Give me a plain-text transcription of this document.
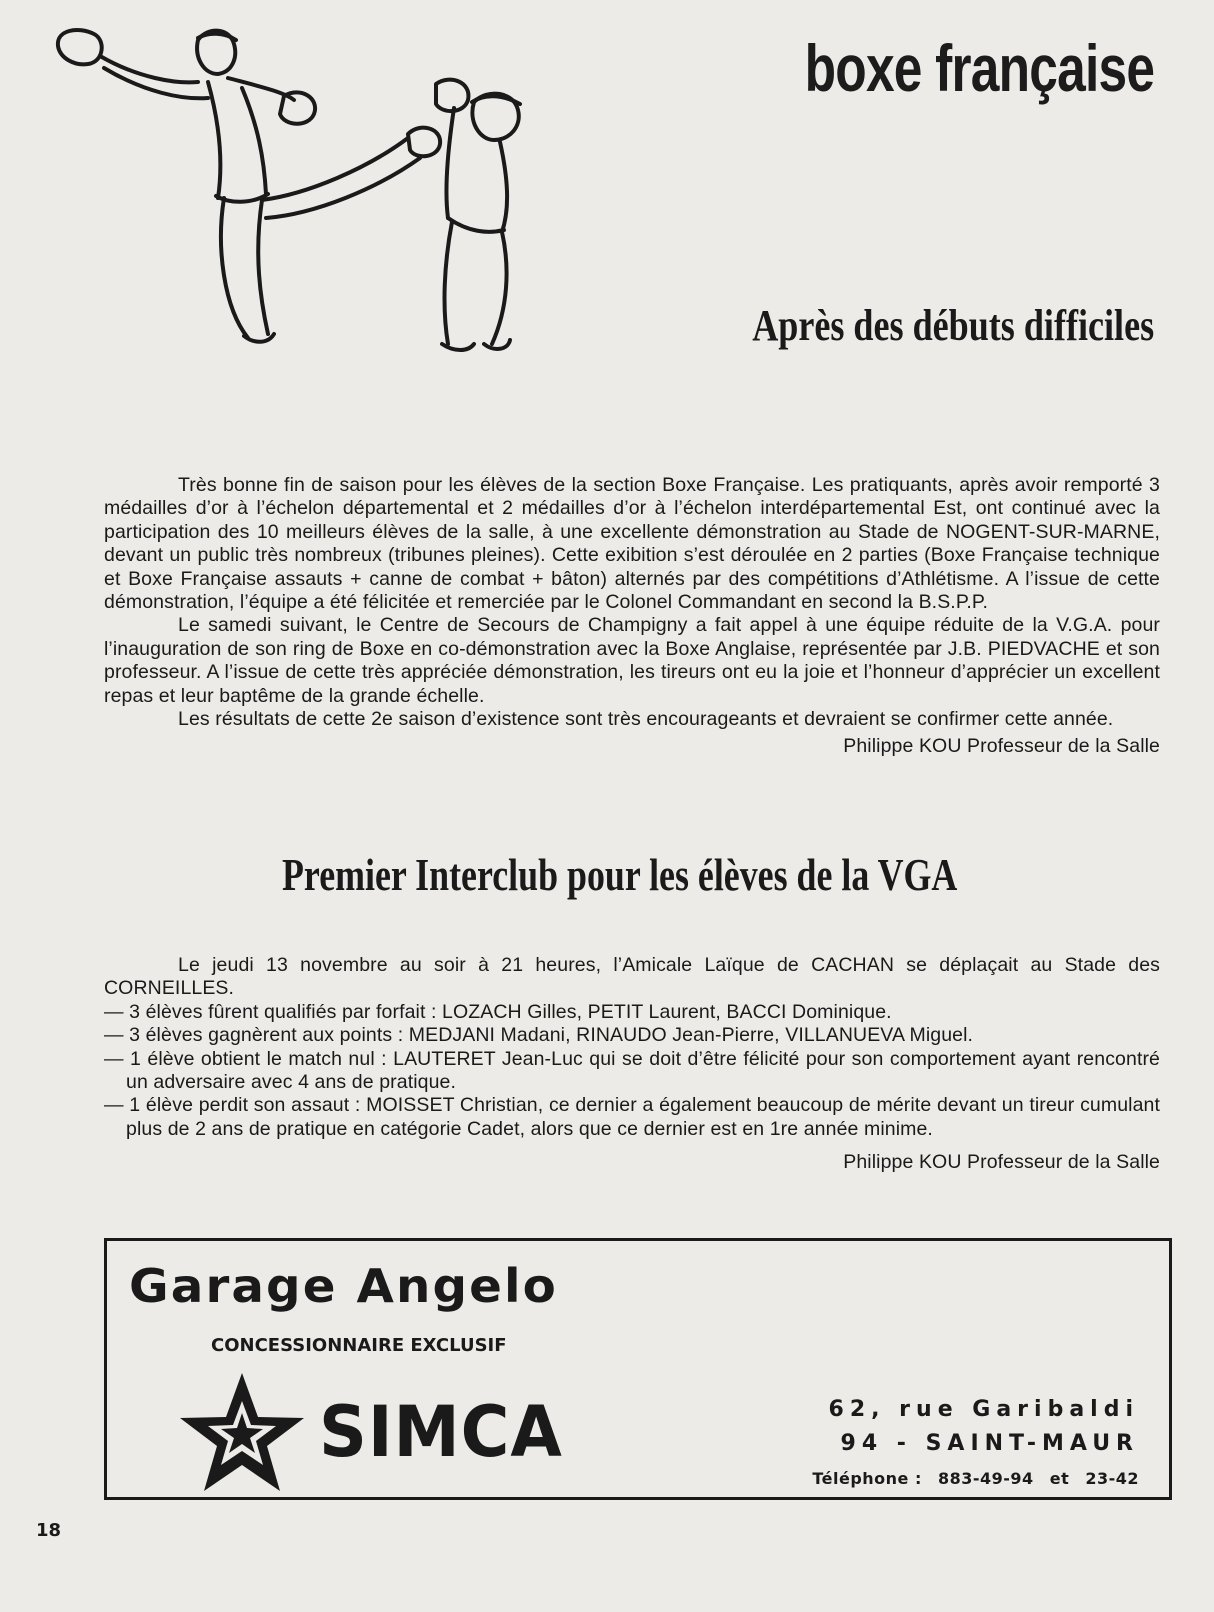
boxe française
Après des débuts difficiles

Très bonne fin de saison pour les élèves de la section Boxe Française. Les pratiquants, après avoir remporté 3 médailles d’or à l’échelon départemental et 2 médailles d’or à l’échelon interdépartemental Est, ont continué avec la participation des 10 meilleurs élèves de la salle, à une excellente démonstration au Stade de NOGENT-SUR-MARNE, devant un public très nombreux (tribunes pleines). Cette exibition s’est déroulée en 2 parties (Boxe Française technique et Boxe Française assauts + canne de combat + bâton) alternés par des compétitions d’Athlétisme. A l’issue de cette démonstration, l’équipe a été félicitée et remerciée par le Colonel Commandant en second la B.S.P.P.

Le samedi suivant, le Centre de Secours de Champigny a fait appel à une équipe réduite de la V.G.A. pour l’inauguration de son ring de Boxe en co-démonstration avec la Boxe Anglaise, représentée par J.B. PIEDVACHE et son professeur. A l’issue de cette très appréciée démonstration, les tireurs ont eu la joie et l’honneur d’apprécier un excellent repas et leur baptême de la grande échelle.

Les résultats de cette 2e saison d’existence sont très encourageants et devraient se confirmer cette année.

Philippe KOU Professeur de la Salle

Premier Interclub pour les élèves de la VGA

Le jeudi 13 novembre au soir à 21 heures, l’Amicale Laïque de CACHAN se déplaçait au Stade des CORNEILLES.

— 3 élèves fûrent qualifiés par forfait : LOZACH Gilles, PETIT Laurent, BACCI Dominique.

— 3 élèves gagnèrent aux points : MEDJANI Madani, RINAUDO Jean-Pierre, VILLANUEVA Miguel.

— 1 élève obtient le match nul : LAUTERET Jean-Luc qui se doit d’être félicité pour son comportement ayant rencontré un adversaire avec 4 ans de pratique.

— 1 élève perdit son assaut : MOISSET Christian, ce dernier a également beaucoup de mérite devant un tireur cumulant plus de 2 ans de pratique en catégorie Cadet, alors que ce dernier est en 1re année minime.

Philippe KOU Professeur de la Salle

Garage Angelo
CONCESSIONNAIRE EXCLUSIF
SIMCA	62, rue Garibaldi
94 - SAINT-MAUR
Téléphone : 883-49-94 et 23-42
18
